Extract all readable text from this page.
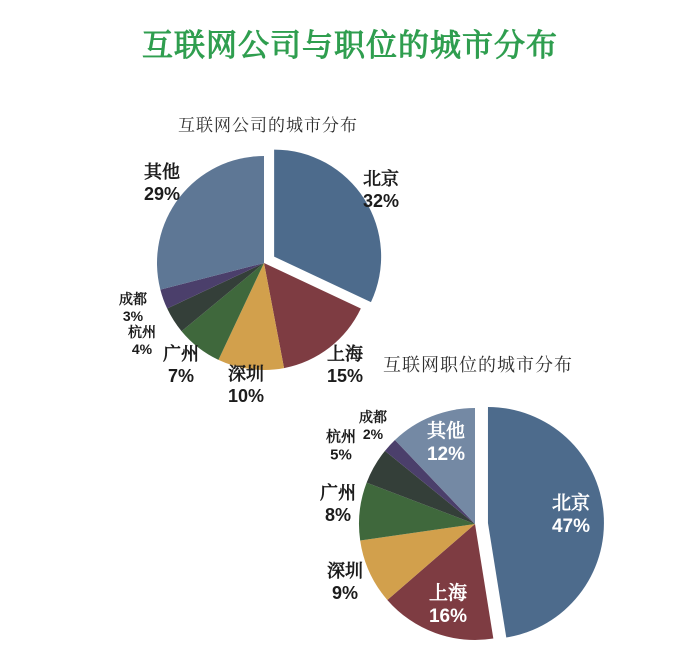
互联网公司与职位的城市分布
互联网公司的城市分布
互联网职位的城市分布
北京
32%
上海
15%
深圳
10%
广州
7%
杭州
4%
成都
3%
其他
29%
北京
47%
上海
16%
深圳
9%
广州
8%
杭州
5%
成都
2% 其他
12%
